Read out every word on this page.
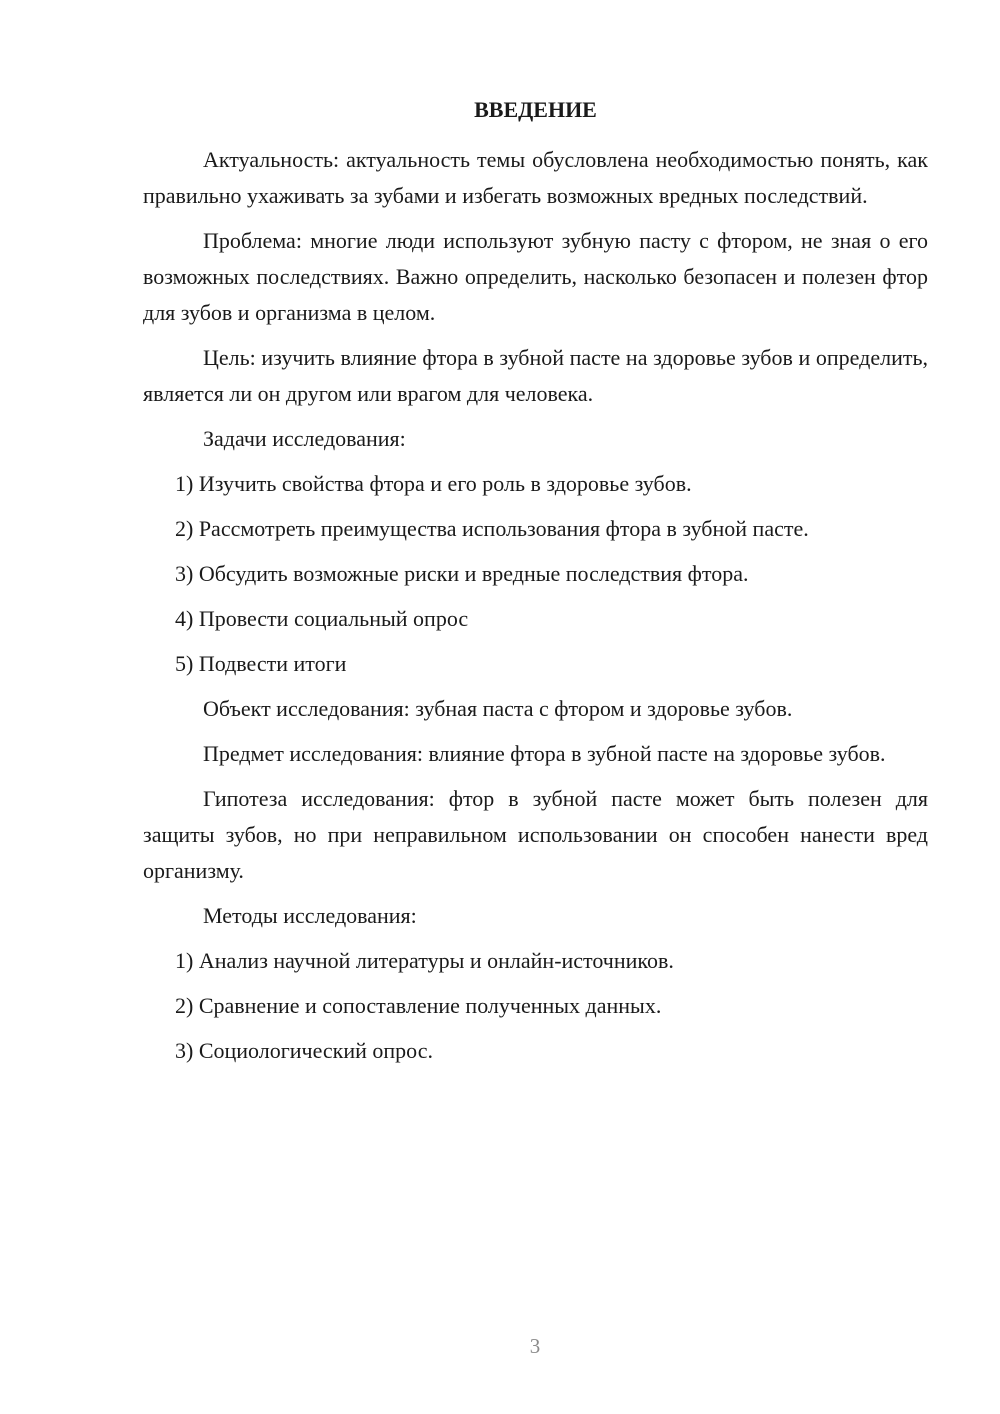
ВВЕДЕНИЕ

Актуальность: актуальность темы обусловлена необходимостью понять, как правильно ухаживать за зубами и избегать возможных вредных последствий.

Проблема: многие люди используют зубную пасту с фтором, не зная о его возможных последствиях. Важно определить, насколько безопасен и полезен фтор для зубов и организма в целом.

Цель: изучить влияние фтора в зубной пасте на здоровье зубов и определить, является ли он другом или врагом для человека.

Задачи исследования:

1) Изучить свойства фтора и его роль в здоровье зубов.

2) Рассмотреть преимущества использования фтора в зубной пасте.

3) Обсудить возможные риски и вредные последствия фтора.

4) Провести социальный опрос

5) Подвести итоги

Объект исследования: зубная паста с фтором и здоровье зубов.

Предмет исследования: влияние фтора в зубной пасте на здоровье зубов.

Гипотеза исследования: фтор в зубной пасте может быть полезен для защиты зубов, но при неправильном использовании он способен нанести вред организму.

Методы исследования:

1) Анализ научной литературы и онлайн-источников.

2) Сравнение и сопоставление полученных данных.

3) Социологический опрос.

3
